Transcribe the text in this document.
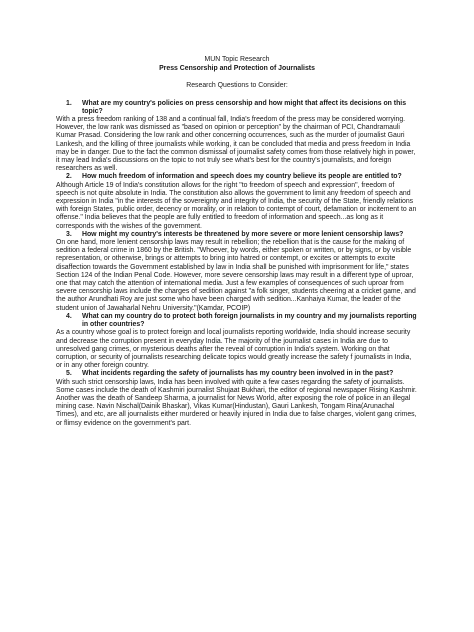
MUN Topic Research

Press Censorship and Protection of Journalists

Research Questions to Consider:

1.	What are my country's policies on press censorship and how might that affect its decisions on this topic?

With a press freedom ranking of 138 and a continual fall, India's freedom of the press may be considered worrying. However, the low rank was dismissed as "based on opinion or perception" by the chairman of PCI, Chandramauli Kumar Prasad. Considering the low rank and other concerning occurrences, such as the murder of journalist Gauri Lankesh, and the killing of three journalists while working, it can be concluded that media and press freedom in India may be in danger. Due to the fact the common dismissal of journalist safety comes from those relatively high in power, it may lead India's discussions on the topic to not truly see what's best for the country's journalists, and foreign researchers as well.

2.	How much freedom of information and speech does my country believe its people are entitled to?

Although Article 19 of India's constitution allows for the right "to freedom of speech and expression", freedom of speech is not quite absolute in India. The constitution also allows the government to limit any freedom of speech and expression in India "in the interests of the sovereignty and integrity of India, the security of the State, friendly relations with foreign States, public order, decency or morality, or in relation to contempt of court, defamation or incitement to an offense." India believes that the people are fully entitled to freedom of information and speech...as long as it corresponds with the wishes of the government.

3.	How might my country's interests be threatened by more severe or more lenient censorship laws?

On one hand, more lenient censorship laws may result in rebellion; the rebellion that is the cause for the making of sedition a federal crime in 1860 by the British. "Whoever, by words, either spoken or written, or by signs, or by visible representation, or otherwise, brings or attempts to bring into hatred or contempt, or excites or attempts to excite disaffection towards the Government established by law in India shall be punished with imprisonment for life," states Section 124 of the Indian Penal Code. However, more severe censorship laws may result in a different type of uproar, one that may catch the attention of international media. Just a few examples of consequences of such uproar from severe censorship laws include the charges of sedition against "a folk singer, students cheering at a cricket game, and the author Arundhati Roy are just some who have been charged with sedition...Kanhaiya Kumar, the leader of the student union of Jawaharlal Nehru University."(Kamdar, PCOIP)

4.	What can my country do to protect both foreign journalists in my country and my journalists reporting in other countries?

As a country whose goal is to protect foreign and local journalists reporting worldwide, India should increase security and decrease the corruption present in everyday India. The majority of the journalist cases in India are due to unresolved gang crimes, or mysterious deaths after the reveal of corruption in India's system. Working on that corruption, or security of journalists researching delicate topics would greatly increase the safety f journalists in India, or in any other foreign country.

5.	What incidents regarding the safety of journalists has my country been involved in in the past?

With such strict censorship laws, India has been involved with quite a few cases regarding the safety of journalists. Some cases include the death of Kashmiri journalist Shujaat Bukhari, the editor of regional newspaper Rising Kashmir. Another was the death of Sandeep Sharma, a journalist for News World, after exposing the role of police in an illegal mining case. Navin Nischal(Dainik Bhaskar), Vikas Kumar(Hindustan), Gauri Lankesh, Tongam Rina(Arunachal Times), and etc, are all journalists either murdered or heavily injured in India due to false charges, violent gang crimes, or flimsy evidence on the government's part.
